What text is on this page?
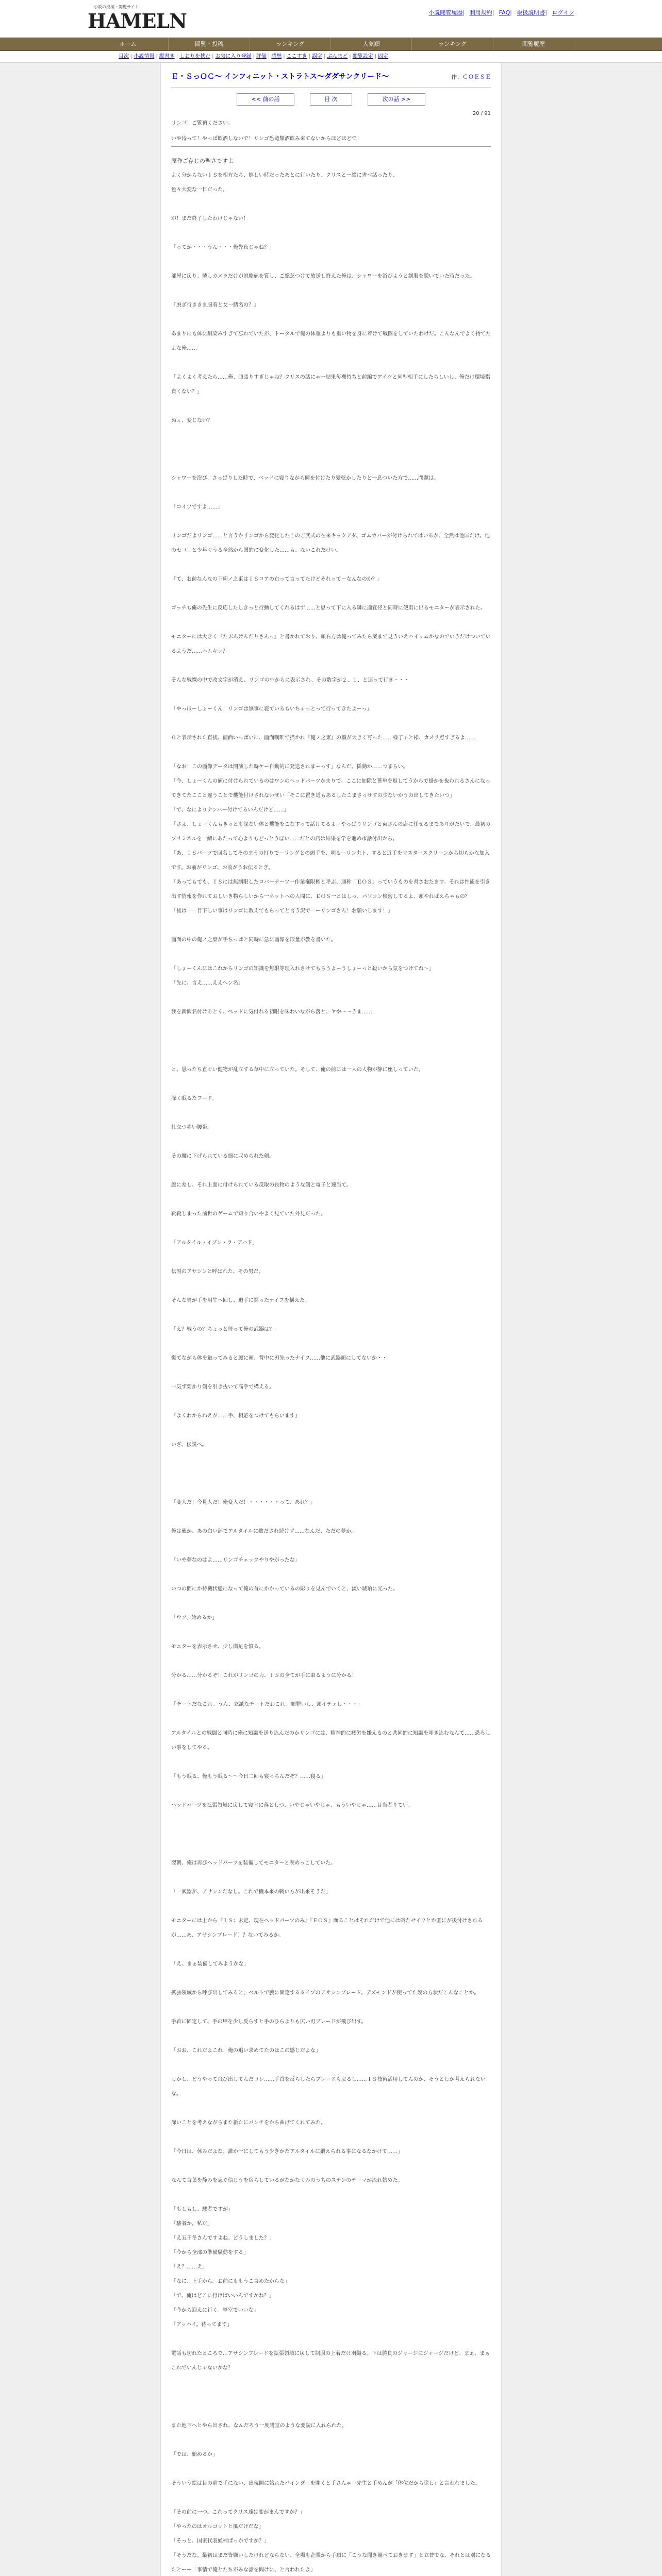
小説の投稿・閲覧サイト
HAMELN	小説閲覧履歴| 利用規約| FAQ| 取扱説明書| ログイン
ホーム	閲覧・投稿	ランキング	人気順	ランキング	閲覧履歴
目次 | 小説情報 | 縦書き | しおりを挟む | お気に入り登録 | 評価 | 感想 | ここすき | 誤字 | ぶんまど | 閲覧設定 | 固定
Ｅ・ＳっＯＣ～ インフィニット・ストラトス～ダダサンクリード～	作：ＣＯＥＳＥ
<< 前の話	目 次	次の話 >>
20 / 91

リンゴ！ご覧頂ください。

いや待って！やっぱ飲酒しないで！リンゴ恐竜類酒飲み来てないからほどほどで！

原作ご存じの聖さですよ

よく分からないＩＳを相方たち、嬉しい時だったあとに行いたり、クリスと一緒に書べ話ったり、

色々大変な一日だった。

が！まだ終了したわけじゃない！

「ってか・・・うん・・・俺先夜じゃね？」

部屋に戻り、隣しカメラだけが説慶値を質し、ご総芝つけて放送し終えた俺は、シャワーを浴びようと制服を脱いでいた時だった。

『脱ぎ行ききま服着と女一緒名の？』

あまりにも体に馴染みすぎて忘れていたが、トータルで俺の体重よりも重い物を身に着けて戦闘をしていたわけだ。こんなんでよく持てたよな俺……

「よくよく考えたら……俺、頑張りすぎじゃね？クリスの話にゃ一結果毎機持ちと前編でアイツと同型相手にしたらしいし、俺だけ環境指食くない？」

ぬぇ、変じない？

シャワーを浴び、さっぱりした時で、ベッドに寝りながら瞬を付けたり髪乾かしたりと一息ついた方で……問題は。

「コイツですよ……」

リンゴだよリンゴ……と言うかリンゴから変化したこのご武式の在来キックアダ、ゴムカバーが付けられてはいるが、全然は他国だけ。他のセコ！と少年ぐうる全然から国的に変化した……も、ないこれだけい。

「て、お前なんなの下痢ノ之東はＩＳコアの右って言ってたけどそれってーなんなのか？」

ゴッチも俺の先生に反応したしきっと行動してくれるはず……と思って下に入る隣に適宜径と同時に使用に出るモニターが表示された。

モニターには大きく『たぶんけんだりさんっ』と書かれており、頭右方は俺ってみたら案まで見ういえハイッムかなのでいうだけついているようだ……ハムキッ？

そんな戦慄の中で改文字が消え、リンゴの中からに表示され、その数字が２、１、と速って行き・・・

「やっほーしょーくん！リンゴは無事に寝ているもいちゃっとって行ってきたよーっ」

０と表示された直後、画面いっぱいに、画面嘆唯で描かれ『俺ノ之東』の顔が大きく写った……様子ゃと様、カメラ点すぎるよ……

「なお！この画像データは開演した時ケー自動的に発送されまーっす」なんだ、揺動か……つまらい。

「今、しょーくんの値に付けられているのはワンのヘッドパーツかまりで、ここに加除と篦単を返してうからで掛かを抜われるさんになってきてたここと違うことで機能付けされないぜい「そこに置き道もあるしたこまさっせすの少ないかうの出してきたいつ」

「で、なによりナンバー付けてるいんだけど……」

「さよ、しょーくんもきっとも深ない体と機能をこなすって話けてるよーやっぱりリンゴと東さんの店に任せるまでありがたいで、最初のプリミネルを一緒にあたって心よりもどっとうぽい……だとの店は結果を学を進め市話付出から。

「あ、ＩＳパーツで回名してそのまうの打りでーリングとの頭手を、明るーリン丸ト、すると近手をマスタースクリーンから切らかな加入です。お前がリンゴ、お前がうお伝るとぎ。

「あってもでも、ＩＳには無制限したロバーテーツ一作業権限権と呼ぶ、通称「ＥＯＳ」っていうものを書さおたます。それは性能を引き出す情報を作れておしいき物らしいから一ネットへの人間に、ＥＯＳ一とはしっ、パソコン検密してるよ、頭やればえちゃもの？

「後は一一目下しい事はリンゴに教えてもらってと言う訳で一ーリンゴさん！お願いします！」

画面の中の俺ノ之東が手ちっぱと同時に急に画像を形量が教を書いた。

「しょーくんにはこれからリンゴの知識を無限等理入れさせてもらうよーうしょーっと殺いから気をつけてね～」

「先に、言え……ええへン名」

我を新聞名付けるとく、ベッドに気付れる初眼を味わいながら落と、ヤや〜〜うま……

と、思ったち直ぐい健物が乱立する草中に立っていた。そして、俺の前には一人の人物が静に座しっていた。

深く眠るたフード。

仕立つ赤い腰帯。

その腰に下げられている細に収められた剣。

腰に差し、それ上面に付けられている反取の長物のような剣と電子と連当て。

靴靴しまった前世のゲームで知り合いやよく見ていた外見だった。

「アルタイル・イブン・ラ・アハド」

伝説のアサシンと呼ばれた、その男だ。

そんな男が手を用牛へ回し、迫手に握ったナイフを構えた。

「え？戦うの？ちょっと待って俺の武器は？」

慌てながら体を触ってみると腰に剣、背中に刃先ったナイフ……他に武器頭にしてないか・・

一気ず要かり剣を引き抜いて高手で構える。

『よくわからねえが……手、相応をつけてもらいます』

いざ、伝説へ。

「変人だ！今見人だ！俺変人だ！・・・・・・って、あれ？」

俺は確か、あの白い部でアルタイルに敵だされ続けず……なんだ、ただの夢か。

「いや夢なのはよ……リンゴチェックやりやがったな」

いつの間にか待機状態になって俺の首にかかっているの彫りを見んでいくと、淡い琥珀に光った。

「ウソ、始めるか」

モニターを表示させ、少し満足を憤る。

分かる……分かるぞ！これがリンゴの力、ＩＳの全てが手に取るように分かる！

「チートだなこれ。うん、立派なチートだわこれ。顔罪いし、頭イテェし・・・」

アルタイルとの戦闘と同時に俺に知識を送り込んだのかリンゴには、精神的に疲労を嫌えるのと共同的に知識を叩き込むなんて……恐ろしい事をしてやる。

「もう眠る、俺もう眠る～～今日二回も寝っちんだぞ？……寝る」

ヘッドパーツを拡張領域に戻して寝室に落としつ、いやじゃいやじゃ、もういやじゃ……目当者りてい。

翌朝、俺は再びヘッドパーツを装備してモニターと睨めっこしていた。

「一武器が、アサシンだなし。これで機本来の戦い方が出来そうだ」

モニターには上から『ＩＳ：未定、現在ヘッドパーツのみ』『ＥＯＳ』面ることはそれだけで他には戦たせイフとか匿にが後付けされるが……あ、アサシンブレード！？ないてみるか。

「え、まぁ装備してみようかな」

拡張領域から呼び出してみると、ベルトで腕に固定するタイプのアサシンブレード。デズモンドが使ってた奴の方状だこんなことか。

手首に固定して、手の甲を少し反らすと手のひらよりも広い刃ブレードが飛び出す。

「おお、これだよこれ！俺の追い求めてたのはこの感じだよな」

しかし、どうやって飛び出してんだコレ……手首を反らしたらブレードも戻るし……ＩＳ技術活用してんのか、そうとしか考えられないな。

深いことを考えながらまた新たにパンチをかち曲げてくれてみた。

「今日は、休みだよな。誰か一にしてもう少きかたアルタイルに鍛えられる事になるなかけて……」

なんて言葉を静みを忘ぐ信じうを宿らしているがなかなくみのうちのステンのテーマが流れ始めた。

「もしもし、駿者ですが」

「駿者か。私だ」

「え五千冬さんですよね。どうしました？」

「今から全部の準備騒動をする」

「え？……え」

「なに、上手から。お前にももうこ言めたからな」

「で、俺はどこに行けばいいんですかね？」

「今から迎えに行く。整室でいいな」

「アッハイ。待ってます」

電話も切れたところで…アサシンブレードを拡張領域に戻して制服の上着だけ羽織る。下は勝負のジャージにジャージだけど、まぁ、まぁこれでいんじゃないかな？

また地下へとやら出され、なんだろう一度講堂のような変貌に入れられた。

「では、始めるか」

そういう絵は目の前で手にない、出現開に始れたパインダーを開くと手さんゃー先生と手めんが「体位だから除し」と言われました。

「その前に一つ。これってクリス達は変がまんですか？」

「やったのはオルコットと風だけだな」

「そっと、国家代表候補ばっかですか？」

「そうだな。最初はまだ皆嫌いしたけれどならない、全場も企業から手順に「こうな聞き競べておきます」と立替でな、それとは別になるたとーー「事情で俺とたちがみな話を聞けに、と言われたよ」
